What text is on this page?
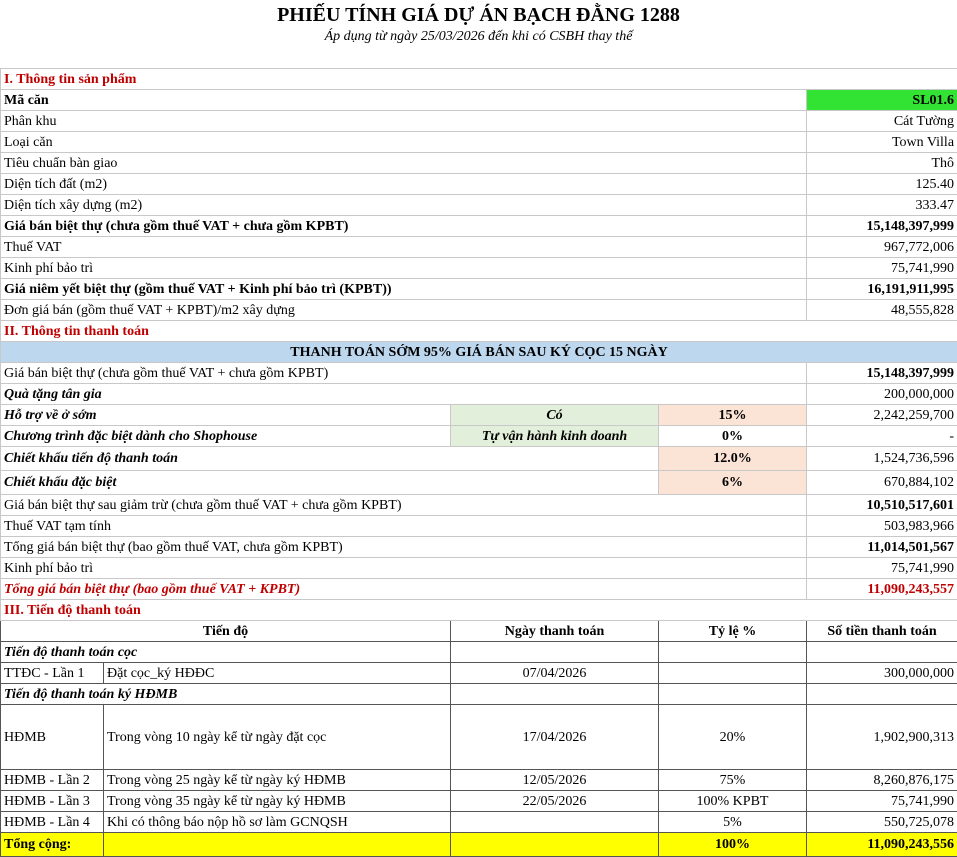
PHIẾU TÍNH GIÁ DỰ ÁN BẠCH ĐẰNG 1288
Áp dụng từ ngày 25/03/2026 đến khi có CSBH thay thế
I. Thông tin sản phẩm				
Mã căn				SL01.6
Phân khu				Cát Tường
Loại căn				Town Villa
Tiêu chuẩn bàn giao				Thô
Diện tích đất (m2)				125.40
Diện tích xây dựng (m2)				333.47
Giá bán biệt thự (chưa gồm thuế VAT + chưa gồm KPBT)				15,148,397,999
Thuế VAT				967,772,006
Kinh phí bảo trì				75,741,990
Giá niêm yết biệt thự (gồm thuế VAT + Kinh phí bảo trì (KPBT))				16,191,911,995
Đơn giá bán (gồm thuế VAT + KPBT)/m2 xây dựng				48,555,828
II. Thông tin thanh toán				
THANH TOÁN SỚM 95% GIÁ BÁN SAU KÝ CỌC 15 NGÀY				
Giá bán biệt thự (chưa gồm thuế VAT + chưa gồm KPBT)				15,148,397,999
Quà tặng tân gia				200,000,000
Hỗ trợ về ở sớm		Có	15%	2,242,259,700
Chương trình đặc biệt dành cho Shophouse		Tự vận hành kinh doanh	0%	-
Chiết khấu tiến độ thanh toán			12.0%	1,524,736,596
Chiết khấu đặc biệt			6%	670,884,102
Giá bán biệt thự sau giảm trừ (chưa gồm thuế VAT + chưa gồm KPBT)				10,510,517,601
Thuế VAT tạm tính				503,983,966
Tổng giá bán biệt thự (bao gồm thuế VAT, chưa gồm KPBT)				11,014,501,567
Kinh phí bảo trì				75,741,990
Tổng giá bán biệt thự (bao gồm thuế VAT + KPBT)				11,090,243,557
III. Tiến độ thanh toán				
Tiến độ		Ngày thanh toán	Tỷ lệ %	Số tiền thanh toán
Tiến độ thanh toán cọc				
TTĐC - Lần 1	Đặt cọc_ký HĐĐC	07/04/2026		300,000,000
Tiến độ thanh toán ký HĐMB				
HĐMB	Trong vòng 10 ngày kể từ ngày đặt cọc	17/04/2026	20%	1,902,900,313
HĐMB - Lần 2	Trong vòng 25 ngày kể từ ngày ký HĐMB	12/05/2026	75%	8,260,876,175
HĐMB - Lần 3	Trong vòng 35 ngày kể từ ngày ký HĐMB	22/05/2026	100% KPBT	75,741,990
HĐMB - Lần 4	Khi có thông báo nộp hồ sơ làm GCNQSH		5%	550,725,078
Tổng cộng:			100%	11,090,243,556
